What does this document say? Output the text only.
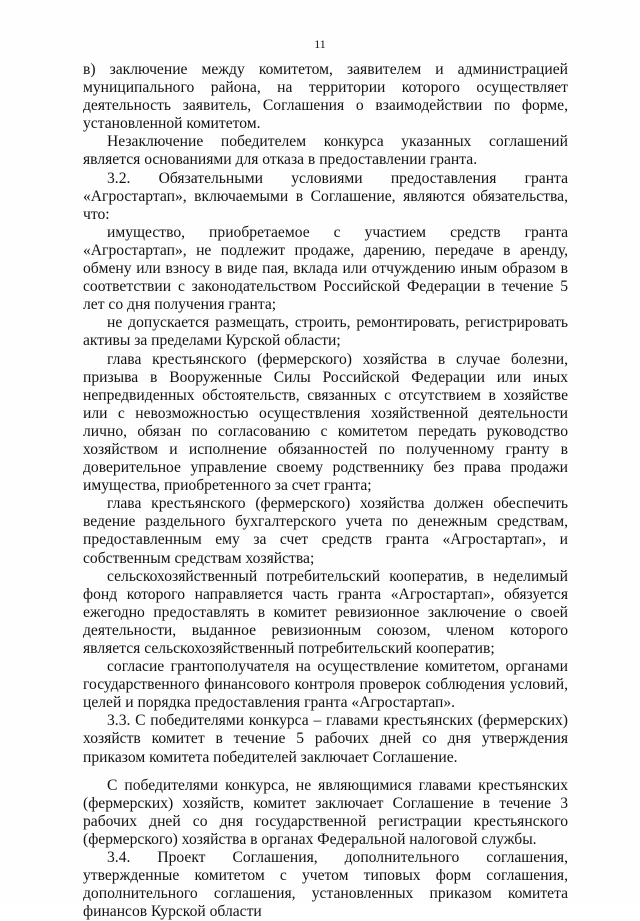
11

в) заключение между комитетом, заявителем и администрацией муниципального района, на территории которого осуществляет деятельность заявитель, Соглашения о взаимодействии по форме, установленной комитетом.

Незаключение победителем конкурса указанных соглашений является основаниями для отказа в предоставлении гранта.

3.2. Обязательными условиями предоставления гранта «Агростартап», включаемыми в Соглашение, являются обязательства, что:

имущество, приобретаемое с участием средств гранта «Агростартап», не подлежит продаже, дарению, передаче в аренду, обмену или взносу в виде пая, вклада или отчуждению иным образом в соответствии с законодательством Российской Федерации в течение 5 лет со дня получения гранта;

не допускается размещать, строить, ремонтировать, регистрировать активы за пределами Курской области;

глава крестьянского (фермерского) хозяйства в случае болезни, призыва в Вооруженные Силы Российской Федерации или иных непредвиденных обстоятельств, связанных с отсутствием в хозяйстве или с невозможностью осуществления хозяйственной деятельности лично, обязан по согласованию с комитетом передать руководство хозяйством и исполнение обязанностей по полученному гранту в доверительное управление своему родственнику без права продажи имущества, приобретенного за счет гранта;

глава крестьянского (фермерского) хозяйства должен обеспечить ведение раздельного бухгалтерского учета по денежным средствам, предоставленным ему за счет средств гранта «Агростартап», и собственным средствам хозяйства;

сельскохозяйственный потребительский кооператив, в неделимый фонд которого направляется часть гранта «Агростартап», обязуется ежегодно предоставлять в комитет ревизионное заключение о своей деятельности, выданное ревизионным союзом, членом которого является сельскохозяйственный потребительский кооператив;

согласие грантополучателя на осуществление комитетом, органами государственного финансового контроля проверок соблюдения условий, целей и порядка предоставления гранта «Агростартап».

3.3. С победителями конкурса – главами крестьянских (фермерских) хозяйств комитет в течение 5 рабочих дней со дня утверждения приказом комитета победителей заключает Соглашение.

С победителями конкурса, не являющимися главами крестьянских (фермерских) хозяйств, комитет заключает Соглашение в течение 3 рабочих дней со дня государственной регистрации крестьянского (фермерского) хозяйства в органах Федеральной налоговой службы.

3.4. Проект Соглашения, дополнительного соглашения, утвержденные комитетом с учетом типовых форм соглашения, дополнительного соглашения, установленных приказом комитета финансов Курской области
